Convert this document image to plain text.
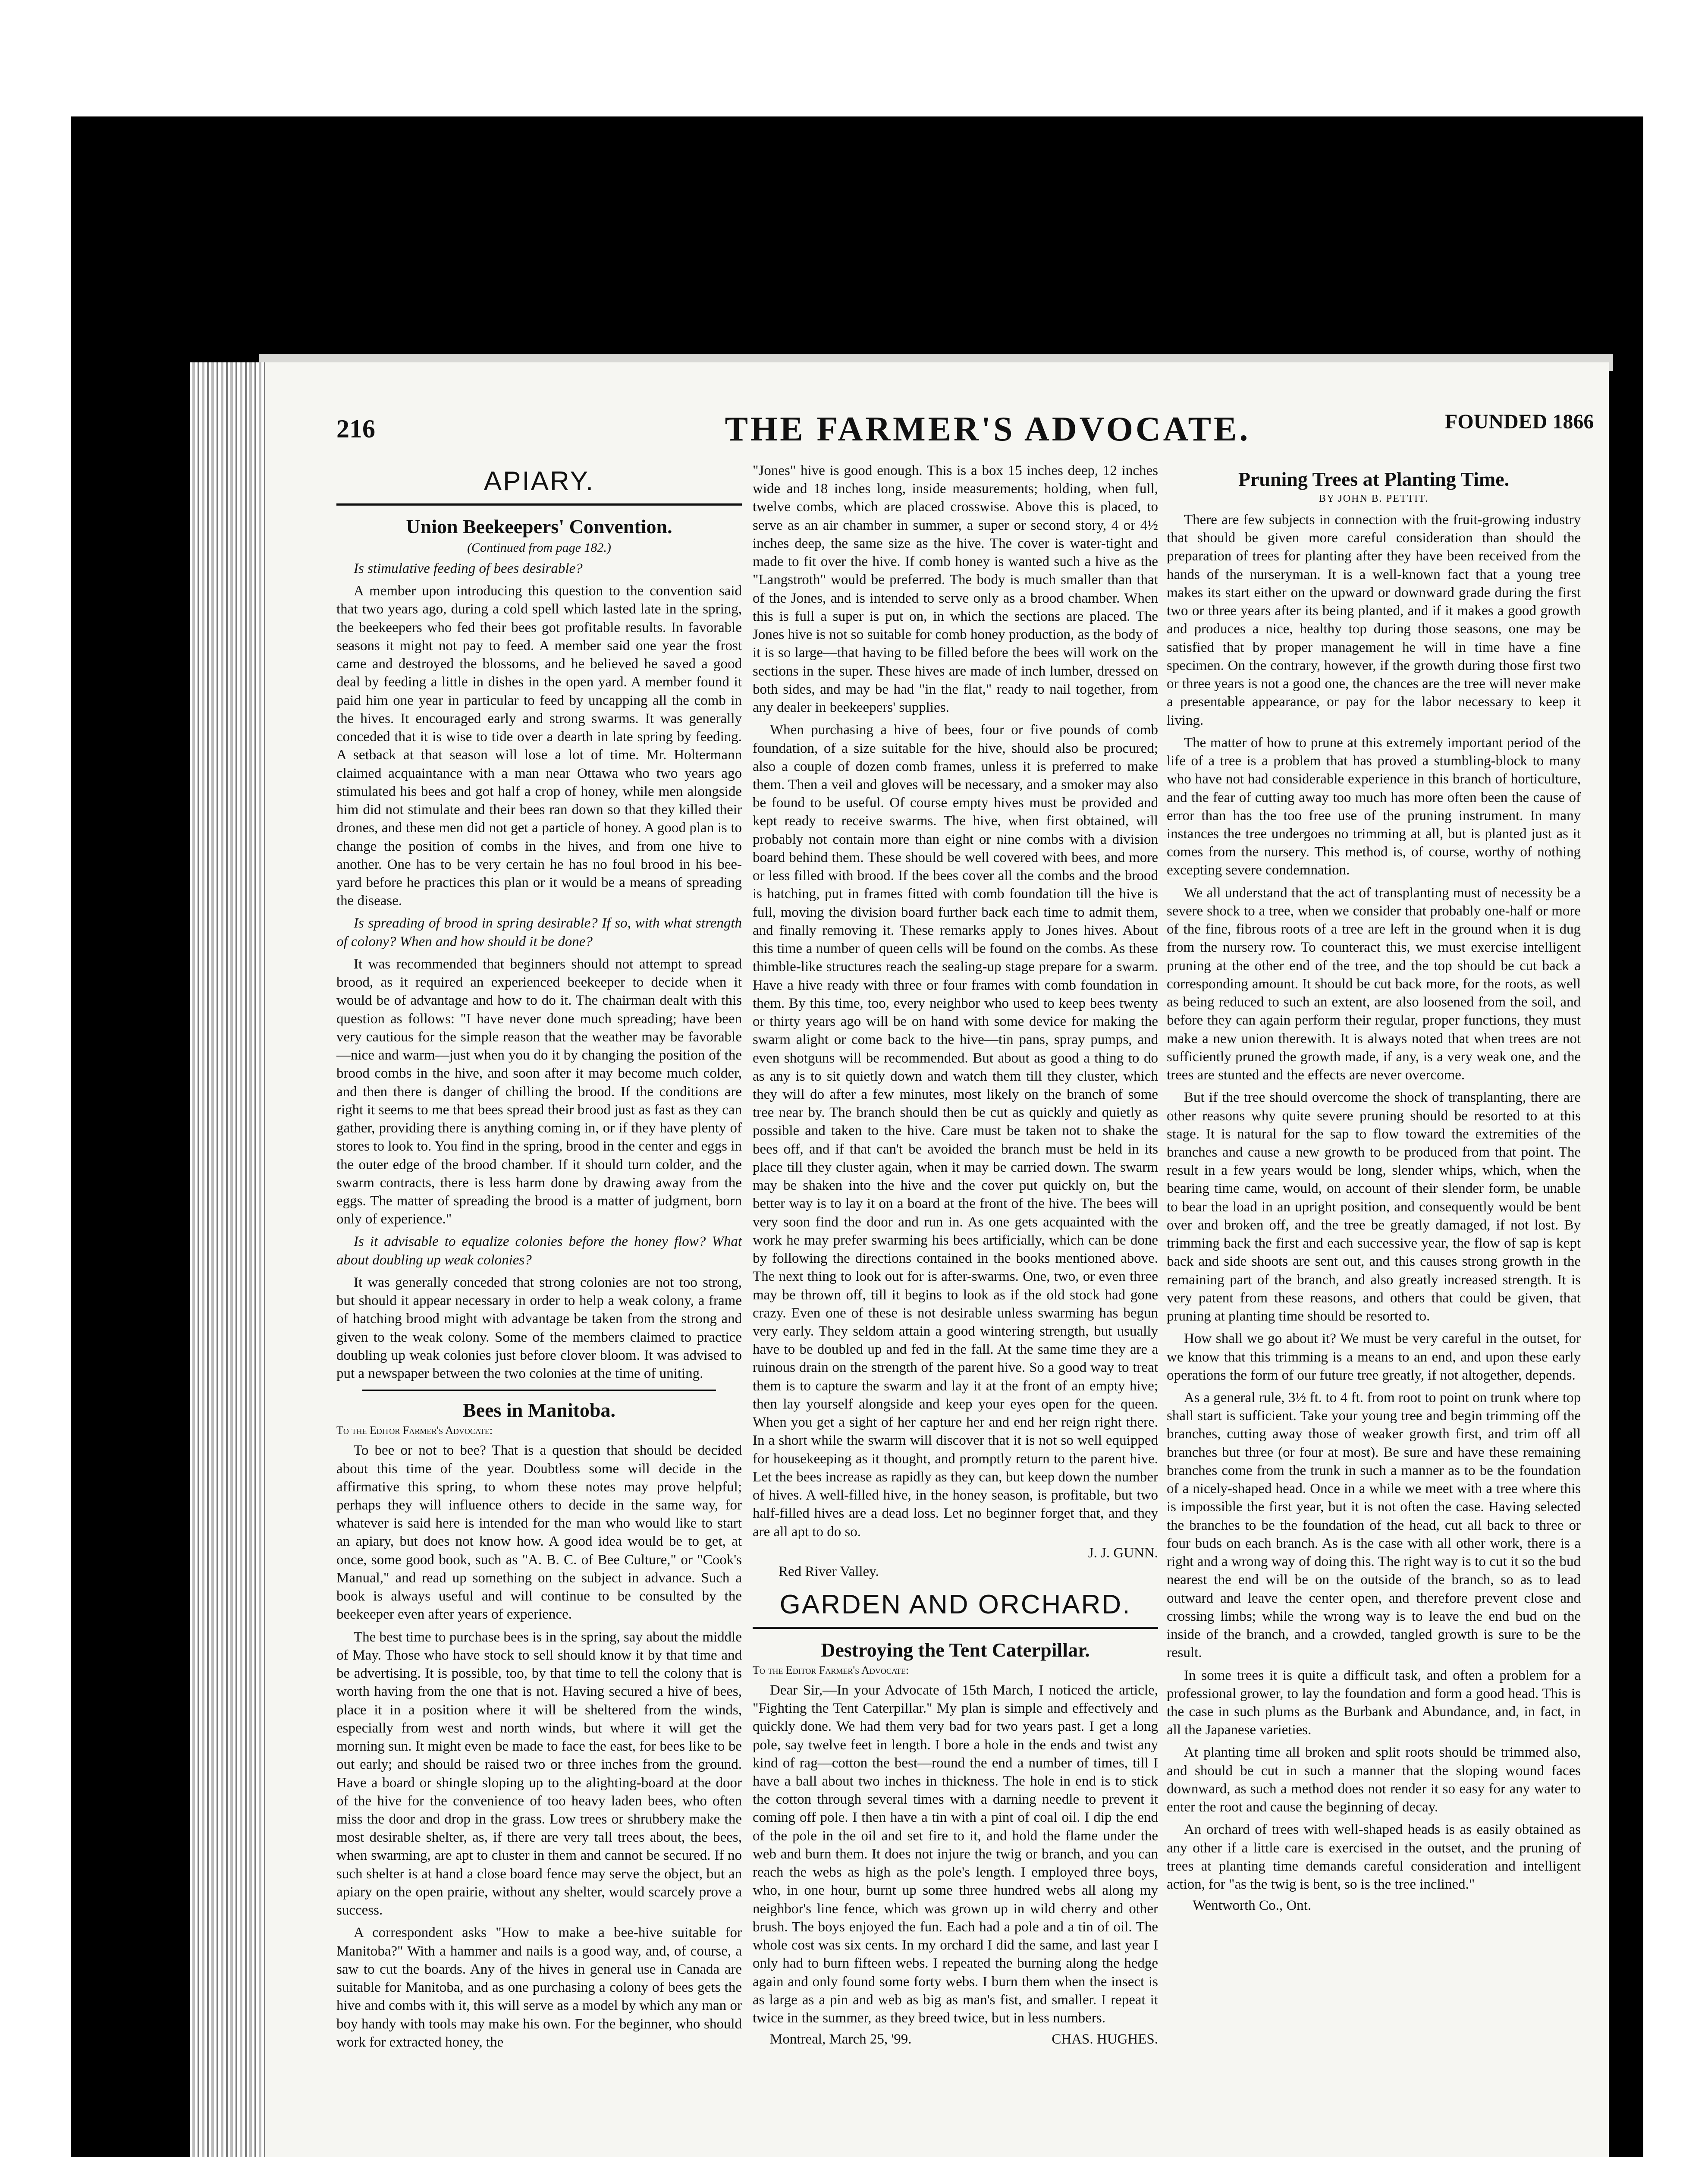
216	THE FARMER'S ADVOCATE.	FOUNDED 1866
APIARY.
Union Beekeepers' Convention.
(Continued from page 182.)

Is stimulative feeding of bees desirable?

A member upon introducing this question to the convention said that two years ago, during a cold spell which lasted late in the spring, the beekeepers who fed their bees got profitable results. In favorable seasons it might not pay to feed. A member said one year the frost came and destroyed the blossoms, and he believed he saved a good deal by feeding a little in dishes in the open yard. A member found it paid him one year in particular to feed by uncapping all the comb in the hives. It encouraged early and strong swarms. It was generally conceded that it is wise to tide over a dearth in late spring by feeding. A setback at that season will lose a lot of time. Mr. Holtermann claimed acquaintance with a man near Ottawa who two years ago stimulated his bees and got half a crop of honey, while men alongside him did not stimulate and their bees ran down so that they killed their drones, and these men did not get a particle of honey. A good plan is to change the position of combs in the hives, and from one hive to another. One has to be very certain he has no foul brood in his bee-yard before he practices this plan or it would be a means of spreading the disease.

Is spreading of brood in spring desirable? If so, with what strength of colony? When and how should it be done?

It was recommended that beginners should not attempt to spread brood, as it required an experienced beekeeper to decide when it would be of advantage and how to do it. The chairman dealt with this question as follows: "I have never done much spreading; have been very cautious for the simple reason that the weather may be favorable—nice and warm—just when you do it by changing the position of the brood combs in the hive, and soon after it may become much colder, and then there is danger of chilling the brood. If the conditions are right it seems to me that bees spread their brood just as fast as they can gather, providing there is anything coming in, or if they have plenty of stores to look to. You find in the spring, brood in the center and eggs in the outer edge of the brood chamber. If it should turn colder, and the swarm contracts, there is less harm done by drawing away from the eggs. The matter of spreading the brood is a matter of judgment, born only of experience."

Is it advisable to equalize colonies before the honey flow? What about doubling up weak colonies?

It was generally conceded that strong colonies are not too strong, but should it appear necessary in order to help a weak colony, a frame of hatching brood might with advantage be taken from the strong and given to the weak colony. Some of the members claimed to practice doubling up weak colonies just before clover bloom. It was advised to put a newspaper between the two colonies at the time of uniting.

Bees in Manitoba.
To the Editor Farmer's Advocate:

To bee or not to bee? That is a question that should be decided about this time of the year. Doubtless some will decide in the affirmative this spring, to whom these notes may prove helpful; perhaps they will influence others to decide in the same way, for whatever is said here is intended for the man who would like to start an apiary, but does not know how. A good idea would be to get, at once, some good book, such as "A. B. C. of Bee Culture," or "Cook's Manual," and read up something on the subject in advance. Such a book is always useful and will continue to be consulted by the beekeeper even after years of experience.

The best time to purchase bees is in the spring, say about the middle of May. Those who have stock to sell should know it by that time and be advertising. It is possible, too, by that time to tell the colony that is worth having from the one that is not. Having secured a hive of bees, place it in a position where it will be sheltered from the winds, especially from west and north winds, but where it will get the morning sun. It might even be made to face the east, for bees like to be out early; and should be raised two or three inches from the ground. Have a board or shingle sloping up to the alighting-board at the door of the hive for the convenience of too heavy laden bees, who often miss the door and drop in the grass. Low trees or shrubbery make the most desirable shelter, as, if there are very tall trees about, the bees, when swarming, are apt to cluster in them and cannot be secured. If no such shelter is at hand a close board fence may serve the object, but an apiary on the open prairie, without any shelter, would scarcely prove a success.

A correspondent asks "How to make a bee-hive suitable for Manitoba?" With a hammer and nails is a good way, and, of course, a saw to cut the boards. Any of the hives in general use in Canada are suitable for Manitoba, and as one purchasing a colony of bees gets the hive and combs with it, this will serve as a model by which any man or boy handy with tools may make his own. For the beginner, who should work for extracted honey, the

"Jones" hive is good enough. This is a box 15 inches deep, 12 inches wide and 18 inches long, inside measurements; holding, when full, twelve combs, which are placed crosswise. Above this is placed, to serve as an air chamber in summer, a super or second story, 4 or 4½ inches deep, the same size as the hive. The cover is water-tight and made to fit over the hive. If comb honey is wanted such a hive as the "Langstroth" would be preferred. The body is much smaller than that of the Jones, and is intended to serve only as a brood chamber. When this is full a super is put on, in which the sections are placed. The Jones hive is not so suitable for comb honey production, as the body of it is so large—that having to be filled before the bees will work on the sections in the super. These hives are made of inch lumber, dressed on both sides, and may be had "in the flat," ready to nail together, from any dealer in beekeepers' supplies.

When purchasing a hive of bees, four or five pounds of comb foundation, of a size suitable for the hive, should also be procured; also a couple of dozen comb frames, unless it is preferred to make them. Then a veil and gloves will be necessary, and a smoker may also be found to be useful. Of course empty hives must be provided and kept ready to receive swarms. The hive, when first obtained, will probably not contain more than eight or nine combs with a division board behind them. These should be well covered with bees, and more or less filled with brood. If the bees cover all the combs and the brood is hatching, put in frames fitted with comb foundation till the hive is full, moving the division board further back each time to admit them, and finally removing it. These remarks apply to Jones hives. About this time a number of queen cells will be found on the combs. As these thimble-like structures reach the sealing-up stage prepare for a swarm. Have a hive ready with three or four frames with comb foundation in them. By this time, too, every neighbor who used to keep bees twenty or thirty years ago will be on hand with some device for making the swarm alight or come back to the hive—tin pans, spray pumps, and even shotguns will be recommended. But about as good a thing to do as any is to sit quietly down and watch them till they cluster, which they will do after a few minutes, most likely on the branch of some tree near by. The branch should then be cut as quickly and quietly as possible and taken to the hive. Care must be taken not to shake the bees off, and if that can't be avoided the branch must be held in its place till they cluster again, when it may be carried down. The swarm may be shaken into the hive and the cover put quickly on, but the better way is to lay it on a board at the front of the hive. The bees will very soon find the door and run in. As one gets acquainted with the work he may prefer swarming his bees artificially, which can be done by following the directions contained in the books mentioned above. The next thing to look out for is after-swarms. One, two, or even three may be thrown off, till it begins to look as if the old stock had gone crazy. Even one of these is not desirable unless swarming has begun very early. They seldom attain a good wintering strength, but usually have to be doubled up and fed in the fall. At the same time they are a ruinous drain on the strength of the parent hive. So a good way to treat them is to capture the swarm and lay it at the front of an empty hive; then lay yourself alongside and keep your eyes open for the queen. When you get a sight of her capture her and end her reign right there. In a short while the swarm will discover that it is not so well equipped for housekeeping as it thought, and promptly return to the parent hive. Let the bees increase as rapidly as they can, but keep down the number of hives. A well-filled hive, in the honey season, is profitable, but two half-filled hives are a dead loss. Let no beginner forget that, and they are all apt to do so.

J. J. GUNN.
Red River Valley.
GARDEN AND ORCHARD.
Destroying the Tent Caterpillar.
To the Editor Farmer's Advocate:

Dear Sir,—In your Advocate of 15th March, I noticed the article, "Fighting the Tent Caterpillar." My plan is simple and effectively and quickly done. We had them very bad for two years past. I get a long pole, say twelve feet in length. I bore a hole in the ends and twist any kind of rag—cotton the best—round the end a number of times, till I have a ball about two inches in thickness. The hole in end is to stick the cotton through several times with a darning needle to prevent it coming off pole. I then have a tin with a pint of coal oil. I dip the end of the pole in the oil and set fire to it, and hold the flame under the web and burn them. It does not injure the twig or branch, and you can reach the webs as high as the pole's length. I employed three boys, who, in one hour, burnt up some three hundred webs all along my neighbor's line fence, which was grown up in wild cherry and other brush. The boys enjoyed the fun. Each had a pole and a tin of oil. The whole cost was six cents. In my orchard I did the same, and last year I only had to burn fifteen webs. I repeated the burning along the hedge again and only found some forty webs. I burn them when the insect is as large as a pin and web as big as man's fist, and smaller. I repeat it twice in the summer, as they breed twice, but in less numbers.

Montreal, March 25, '99.	CHAS. HUGHES.
Pruning Trees at Planting Time.
BY JOHN B. PETTIT.

There are few subjects in connection with the fruit-growing industry that should be given more careful consideration than should the preparation of trees for planting after they have been received from the hands of the nurseryman. It is a well-known fact that a young tree makes its start either on the upward or downward grade during the first two or three years after its being planted, and if it makes a good growth and produces a nice, healthy top during those seasons, one may be satisfied that by proper management he will in time have a fine specimen. On the contrary, however, if the growth during those first two or three years is not a good one, the chances are the tree will never make a presentable appearance, or pay for the labor necessary to keep it living.

The matter of how to prune at this extremely important period of the life of a tree is a problem that has proved a stumbling-block to many who have not had considerable experience in this branch of horticulture, and the fear of cutting away too much has more often been the cause of error than has the too free use of the pruning instrument. In many instances the tree undergoes no trimming at all, but is planted just as it comes from the nursery. This method is, of course, worthy of nothing excepting severe condemnation.

We all understand that the act of transplanting must of necessity be a severe shock to a tree, when we consider that probably one-half or more of the fine, fibrous roots of a tree are left in the ground when it is dug from the nursery row. To counteract this, we must exercise intelligent pruning at the other end of the tree, and the top should be cut back a corresponding amount. It should be cut back more, for the roots, as well as being reduced to such an extent, are also loosened from the soil, and before they can again perform their regular, proper functions, they must make a new union therewith. It is always noted that when trees are not sufficiently pruned the growth made, if any, is a very weak one, and the trees are stunted and the effects are never overcome.

But if the tree should overcome the shock of transplanting, there are other reasons why quite severe pruning should be resorted to at this stage. It is natural for the sap to flow toward the extremities of the branches and cause a new growth to be produced from that point. The result in a few years would be long, slender whips, which, when the bearing time came, would, on account of their slender form, be unable to bear the load in an upright position, and consequently would be bent over and broken off, and the tree be greatly damaged, if not lost. By trimming back the first and each successive year, the flow of sap is kept back and side shoots are sent out, and this causes strong growth in the remaining part of the branch, and also greatly increased strength. It is very patent from these reasons, and others that could be given, that pruning at planting time should be resorted to.

How shall we go about it? We must be very careful in the outset, for we know that this trimming is a means to an end, and upon these early operations the form of our future tree greatly, if not altogether, depends.

As a general rule, 3½ ft. to 4 ft. from root to point on trunk where top shall start is sufficient. Take your young tree and begin trimming off the branches, cutting away those of weaker growth first, and trim off all branches but three (or four at most). Be sure and have these remaining branches come from the trunk in such a manner as to be the foundation of a nicely-shaped head. Once in a while we meet with a tree where this is impossible the first year, but it is not often the case. Having selected the branches to be the foundation of the head, cut all back to three or four buds on each branch. As is the case with all other work, there is a right and a wrong way of doing this. The right way is to cut it so the bud nearest the end will be on the outside of the branch, so as to lead outward and leave the center open, and therefore prevent close and crossing limbs; while the wrong way is to leave the end bud on the inside of the branch, and a crowded, tangled growth is sure to be the result.

In some trees it is quite a difficult task, and often a problem for a professional grower, to lay the foundation and form a good head. This is the case in such plums as the Burbank and Abundance, and, in fact, in all the Japanese varieties.

At planting time all broken and split roots should be trimmed also, and should be cut in such a manner that the sloping wound faces downward, as such a method does not render it so easy for any water to enter the root and cause the beginning of decay.

An orchard of trees with well-shaped heads is as easily obtained as any other if a little care is exercised in the outset, and the pruning of trees at planting time demands careful consideration and intelligent action, for "as the twig is bent, so is the tree inclined."

Wentworth Co., Ont.
